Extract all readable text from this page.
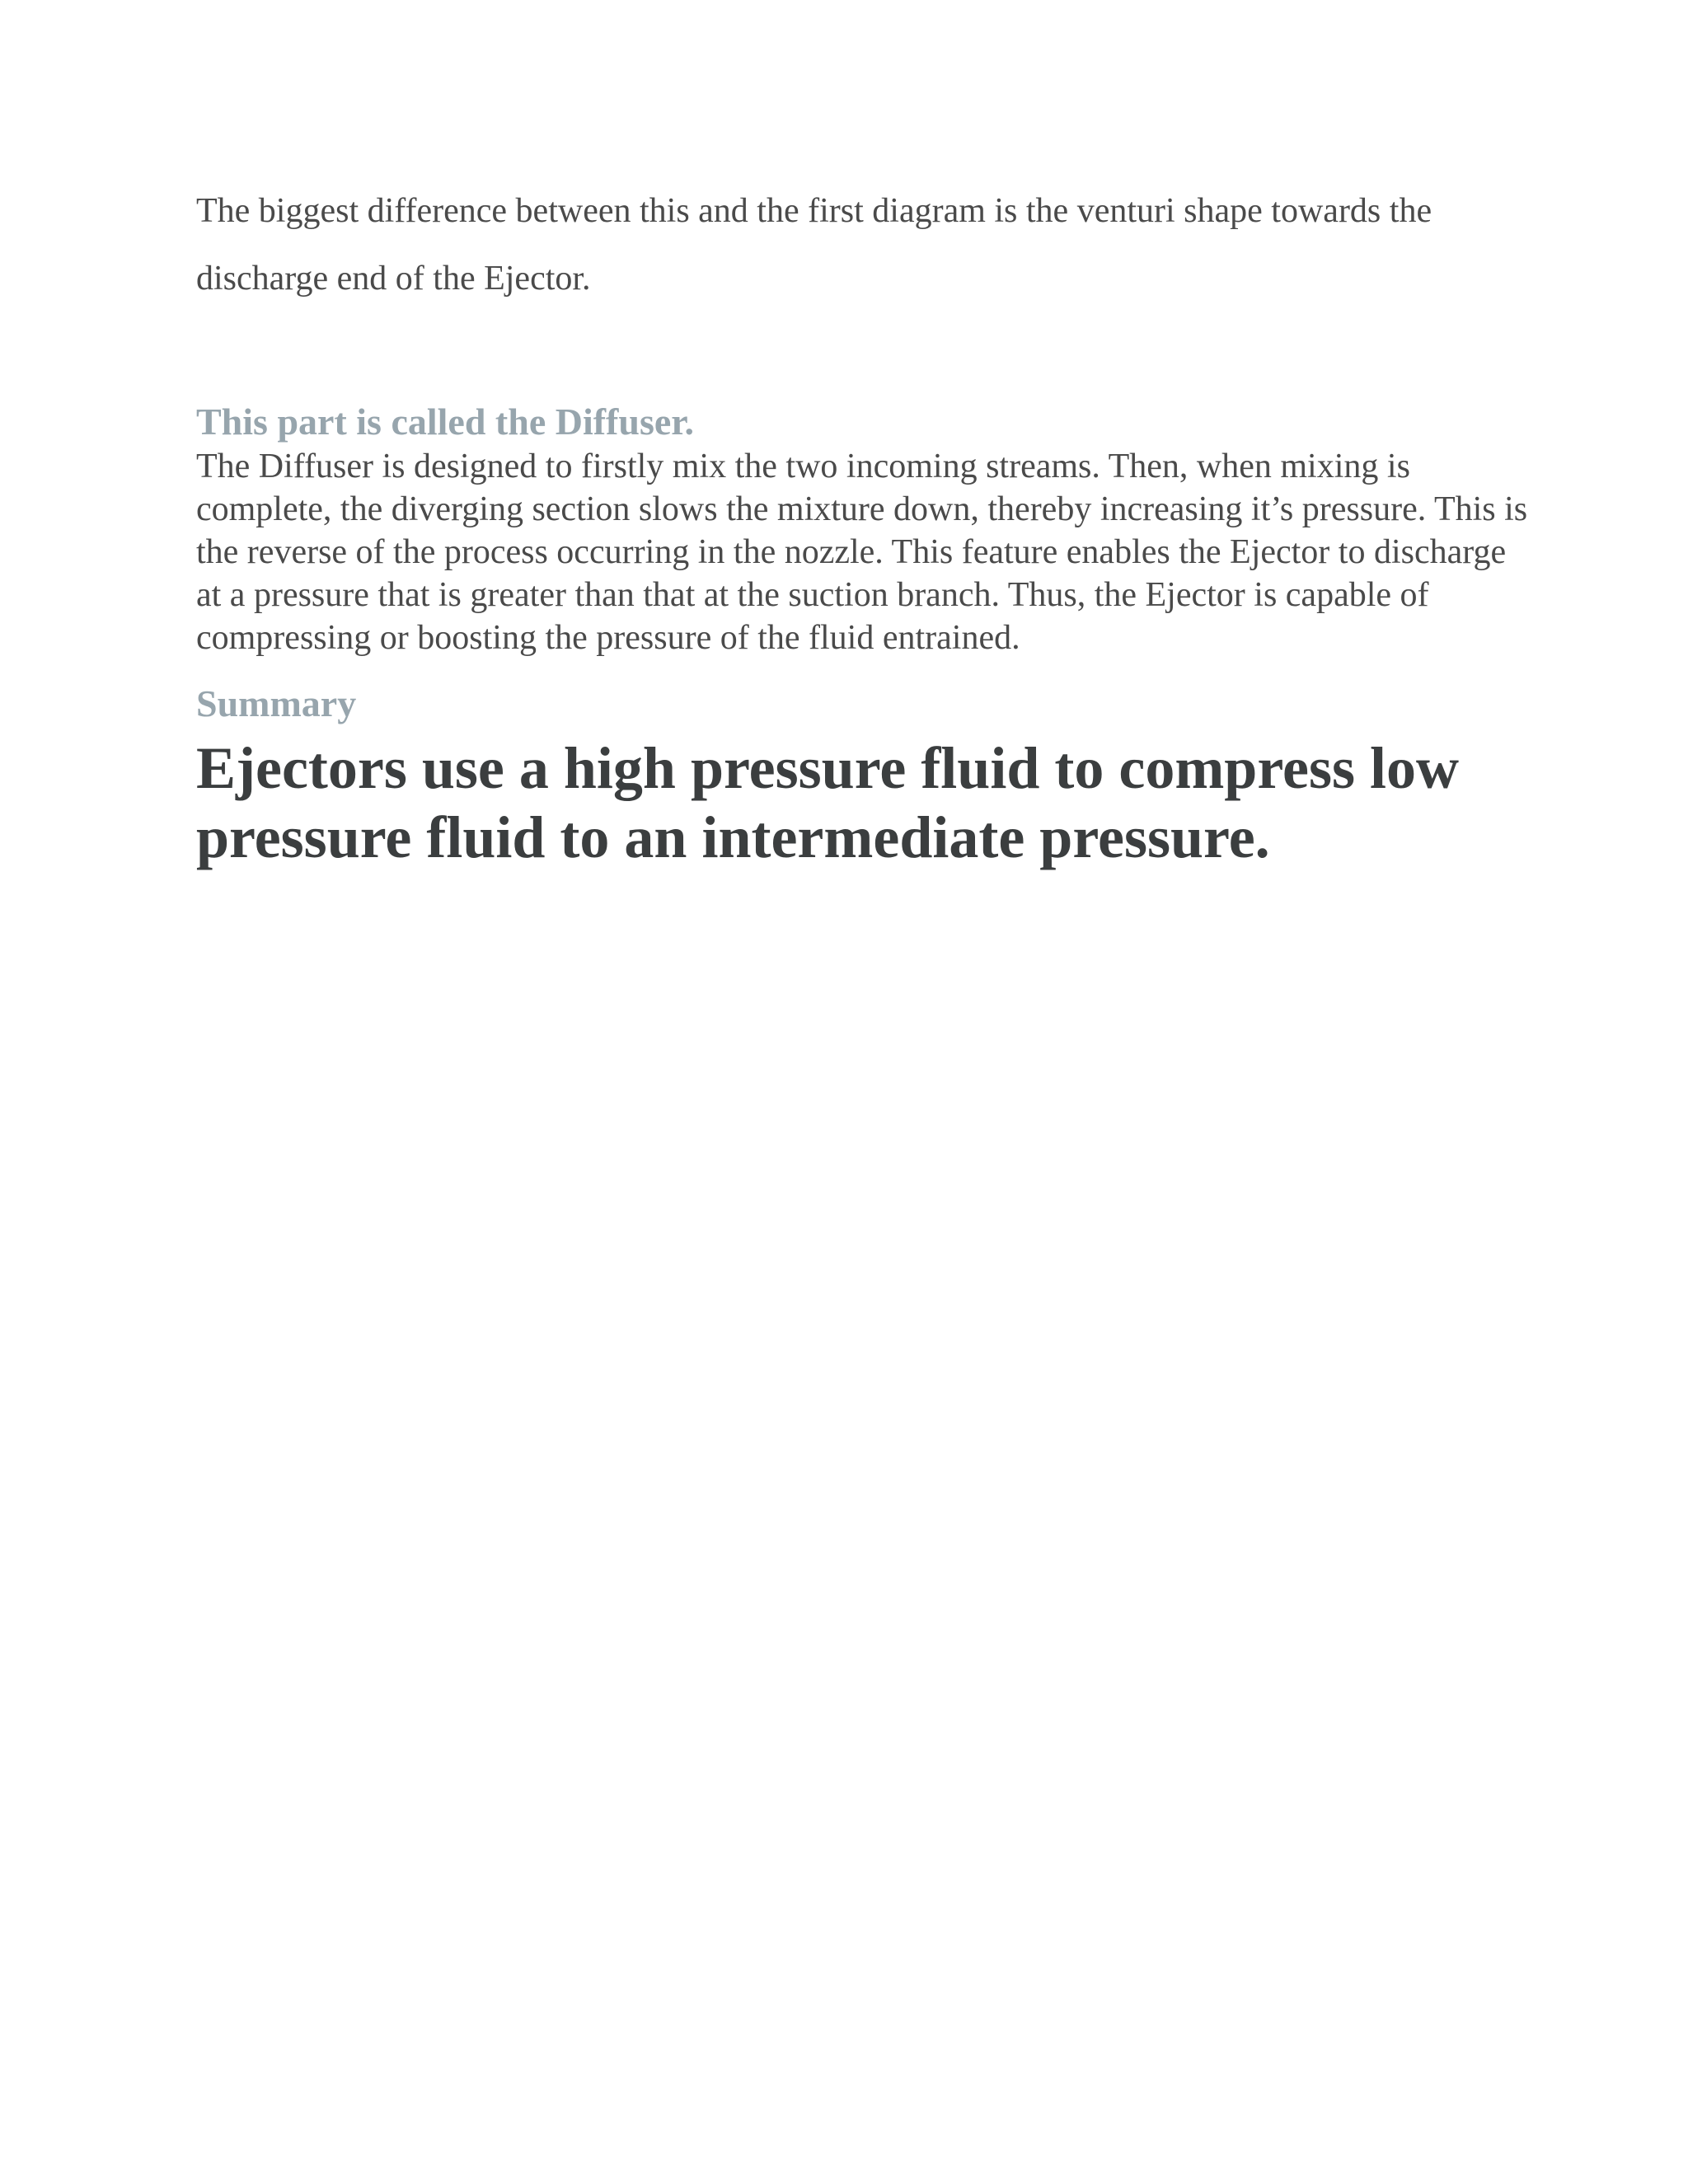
The biggest difference between this and the first diagram is the venturi shape towards the discharge end of the Ejector.

This part is called the Diffuser.

The Diffuser is designed to firstly mix the two incoming streams. Then, when mixing is complete, the diverging section slows the mixture down, thereby increasing it’s pressure. This is the reverse of the process occurring in the nozzle. This feature enables the Ejector to discharge at a pressure that is greater than that at the suction branch. Thus, the Ejector is capable of compressing or boosting the pressure of the fluid entrained.

Summary

Ejectors use a high pressure fluid to compress low pressure fluid to an intermediate pressure.
